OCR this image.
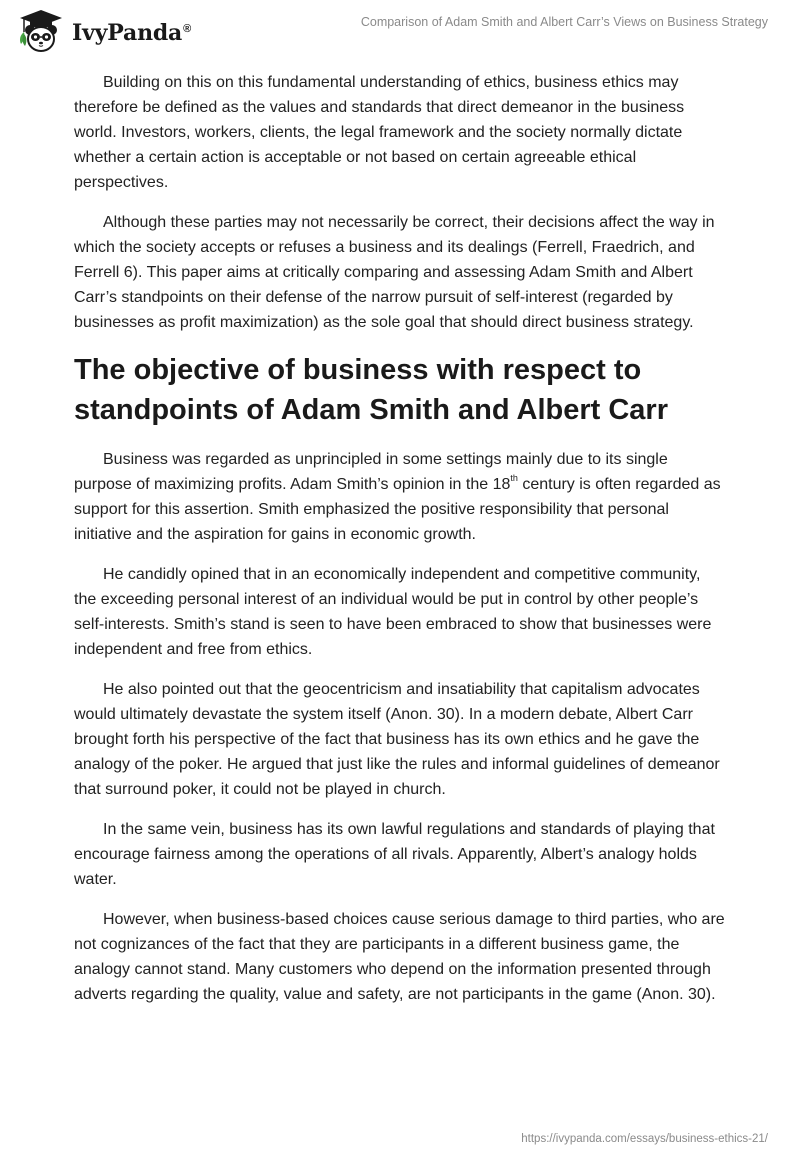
IvyPanda®	Comparison of Adam Smith and Albert Carr’s Views on Business Strategy

Building on this on this fundamental understanding of ethics, business ethics may therefore be defined as the values and standards that direct demeanor in the business world. Investors, workers, clients, the legal framework and the society normally dictate whether a certain action is acceptable or not based on certain agreeable ethical perspectives.

Although these parties may not necessarily be correct, their decisions affect the way in which the society accepts or refuses a business and its dealings (Ferrell, Fraedrich, and Ferrell 6). This paper aims at critically comparing and assessing Adam Smith and Albert Carr’s standpoints on their defense of the narrow pursuit of self-interest (regarded by businesses as profit maximization) as the sole goal that should direct business strategy.

The objective of business with respect to standpoints of Adam Smith and Albert Carr

Business was regarded as unprincipled in some settings mainly due to its single purpose of maximizing profits. Adam Smith’s opinion in the 18th century is often regarded as support for this assertion. Smith emphasized the positive responsibility that personal initiative and the aspiration for gains in economic growth.

He candidly opined that in an economically independent and competitive community, the exceeding personal interest of an individual would be put in control by other people’s self-interests. Smith’s stand is seen to have been embraced to show that businesses were independent and free from ethics.

He also pointed out that the geocentricism and insatiability that capitalism advocates would ultimately devastate the system itself (Anon. 30). In a modern debate, Albert Carr brought forth his perspective of the fact that business has its own ethics and he gave the analogy of the poker. He argued that just like the rules and informal guidelines of demeanor that surround poker, it could not be played in church.

In the same vein, business has its own lawful regulations and standards of playing that encourage fairness among the operations of all rivals. Apparently, Albert’s analogy holds water.

However, when business-based choices cause serious damage to third parties, who are not cognizances of the fact that they are participants in a different business game, the analogy cannot stand. Many customers who depend on the information presented through adverts regarding the quality, value and safety, are not participants in the game (Anon. 30).

https://ivypanda.com/essays/business-ethics-21/
